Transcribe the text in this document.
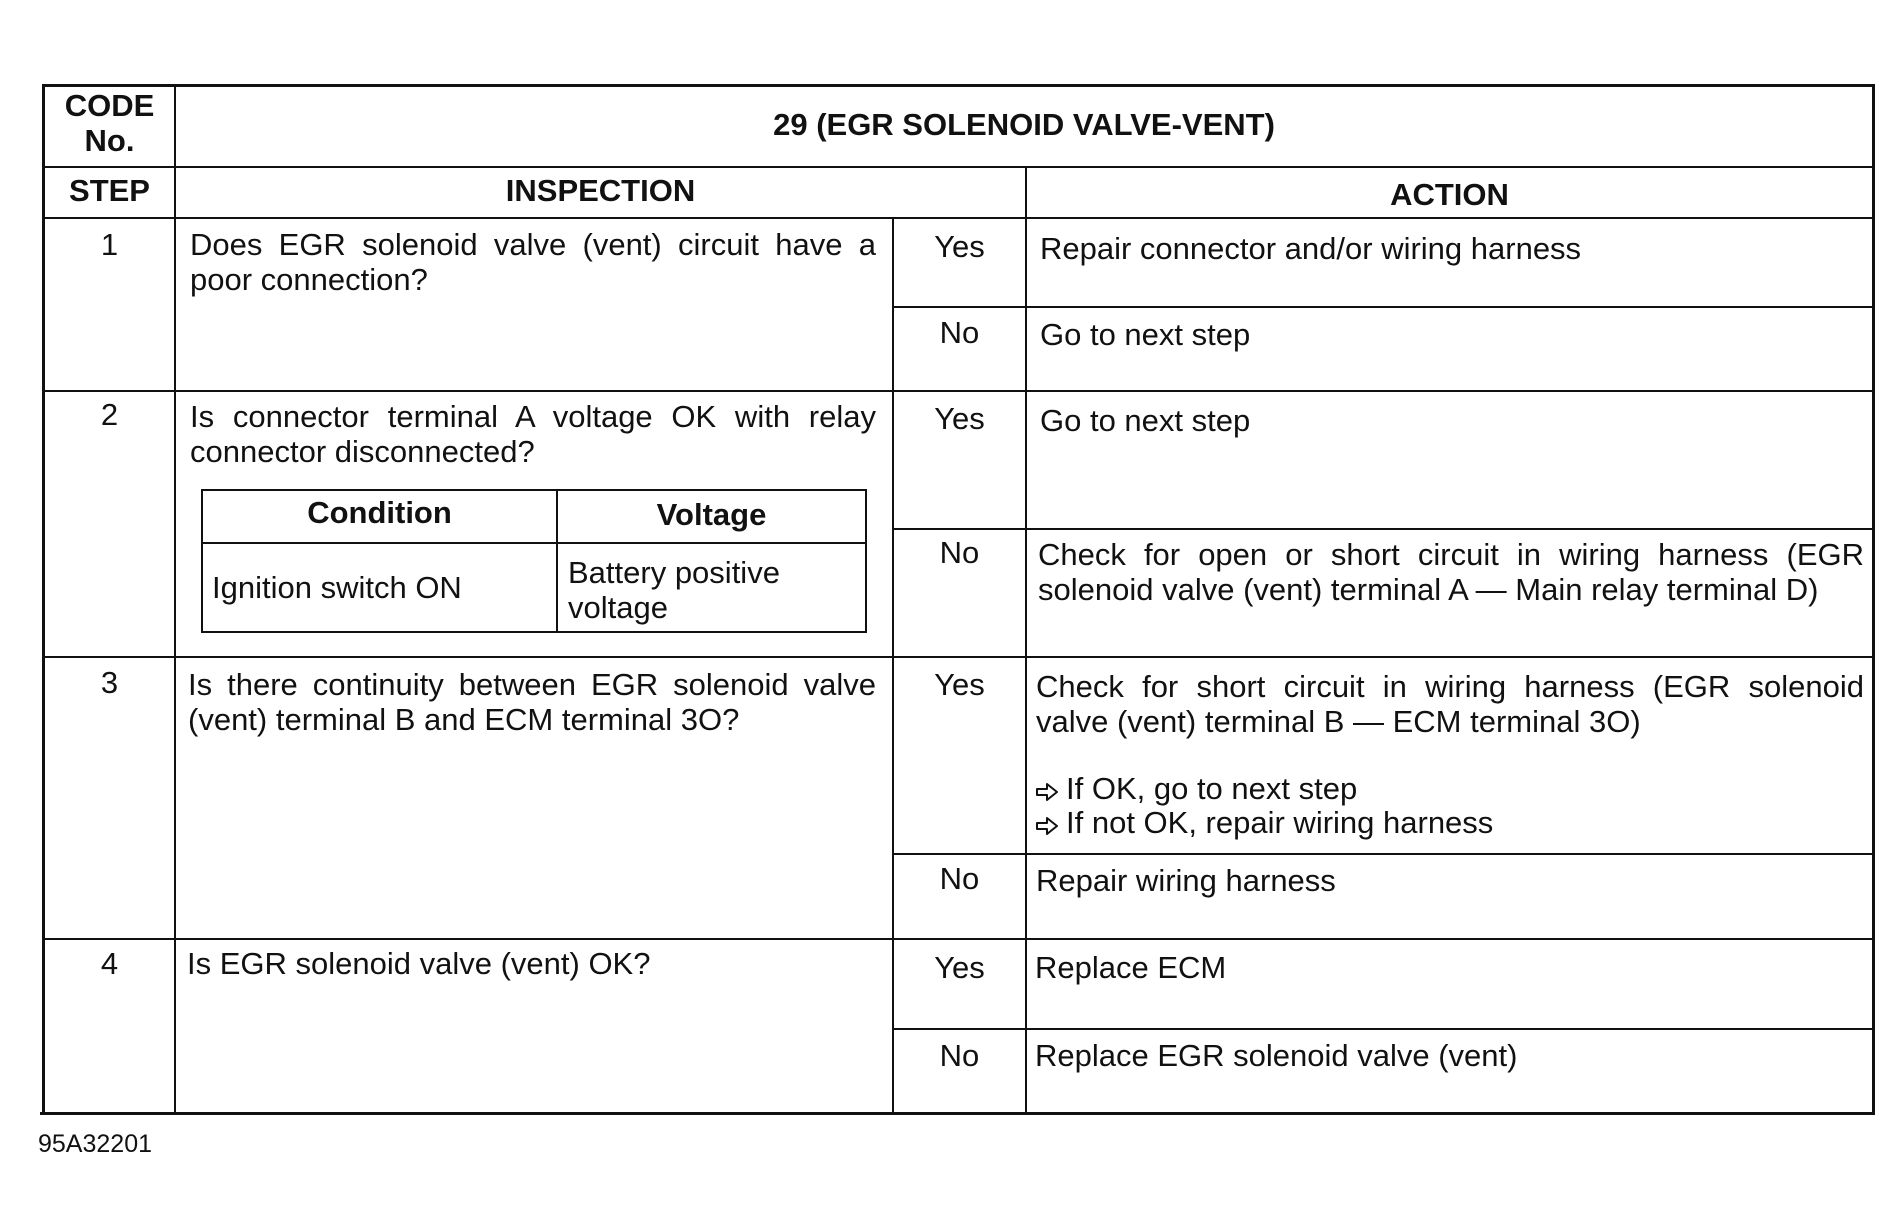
CODE
No.	29 (EGR SOLENOID VALVE-VENT)
STEP	INSPECTION	ACTION
1	Does EGR solenoid valve (vent) circuit have a poor connection?
Yes	Repair connector and/or wiring harness
No	Go to next step
2	Is connector terminal A voltage OK with relay connector disconnected?
Condition	Voltage
Ignition switch ON	Battery positive
voltage
Yes	Go to next step
No	Check for open or short circuit in wiring harness (EGR solenoid valve (vent) terminal A — Main relay terminal D)
3	Is there continuity between EGR solenoid valve (vent) terminal B and ECM terminal 3O?
Yes	Check for short circuit in wiring harness (EGR solenoid valve (vent) terminal B — ECM terminal 3O)
If OK, go to next step
If not OK, repair wiring harness
No	Repair wiring harness
4	Is EGR solenoid valve (vent) OK?	Yes	Replace ECM
No	Replace EGR solenoid valve (vent)
95A32201
